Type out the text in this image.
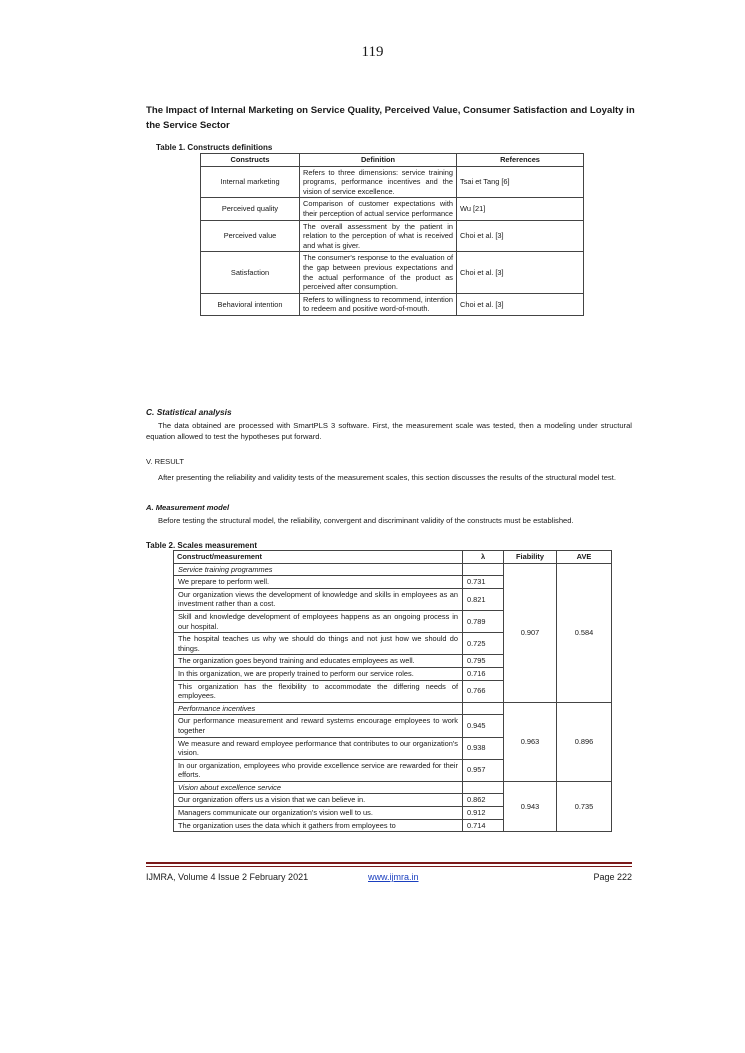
119
The Impact of Internal Marketing on Service Quality, Perceived Value, Consumer Satisfaction and Loyalty in the Service Sector
Table 1. Constructs definitions
Constructs	Definition	References
Internal marketing	Refers to three dimensions: service training programs, performance incentives and the vision of service excellence.	Tsai et Tang [6]
Perceived quality	Comparison of customer expectations with their perception of actual service performance	Wu [21]
Perceived value	The overall assessment by the patient in relation to the perception of what is received and what is giver.	Choi et al. [3]
Satisfaction	The consumer's response to the evaluation of the gap between previous expectations and the actual performance of the product as perceived after consumption.	Choi et al. [3]
Behavioral intention	Refers to willingness to recommend, intention to redeem and positive word-of-mouth.	Choi et al. [3]
C. Statistical analysis
The data obtained are processed with SmartPLS 3 software. First, the measurement scale was tested, then a modeling under structural equation allowed to test the hypotheses put forward.
V. RESULT
After presenting the reliability and validity tests of the measurement scales, this section discusses the results of the structural model test.
A. Measurement model
Before testing the structural model, the reliability, convergent and discriminant validity of the constructs must be established.
Table 2. Scales measurement
Construct/measurement	λ	Fiability	AVE
Service training programmes		0.907	0.584
We prepare to perform well.	0.731		
Our organization views the development of knowledge and skills in employees as an investment rather than a cost.	0.821		
Skill and knowledge development of employees happens as an ongoing process in our hospital.	0.789		
The hospital teaches us why we should do things and not just how we should do things.	0.725		
The organization goes beyond training and educates employees as well.	0.795		
In this organization, we are properly trained to perform our service roles.	0.716		
This organization has the flexibility to accommodate the differing needs of employees.	0.766		
Performance incentives		0.963	0.896
Our performance measurement and reward systems encourage employees to work together	0.945		
We measure and reward employee performance that contributes to our organization's vision.	0.938		
In our organization, employees who provide excellence service are rewarded for their efforts.	0.957		
Vision about excellence service		0.943	0.735
Our organization offers us a vision that we can believe in.	0.862		
Managers communicate our organization's vision well to us.	0.912		
The organization uses the data which it gathers from employees to	0.714		
IJMRA, Volume 4 Issue 2 February 2021	www.ijmra.in	Page 222
